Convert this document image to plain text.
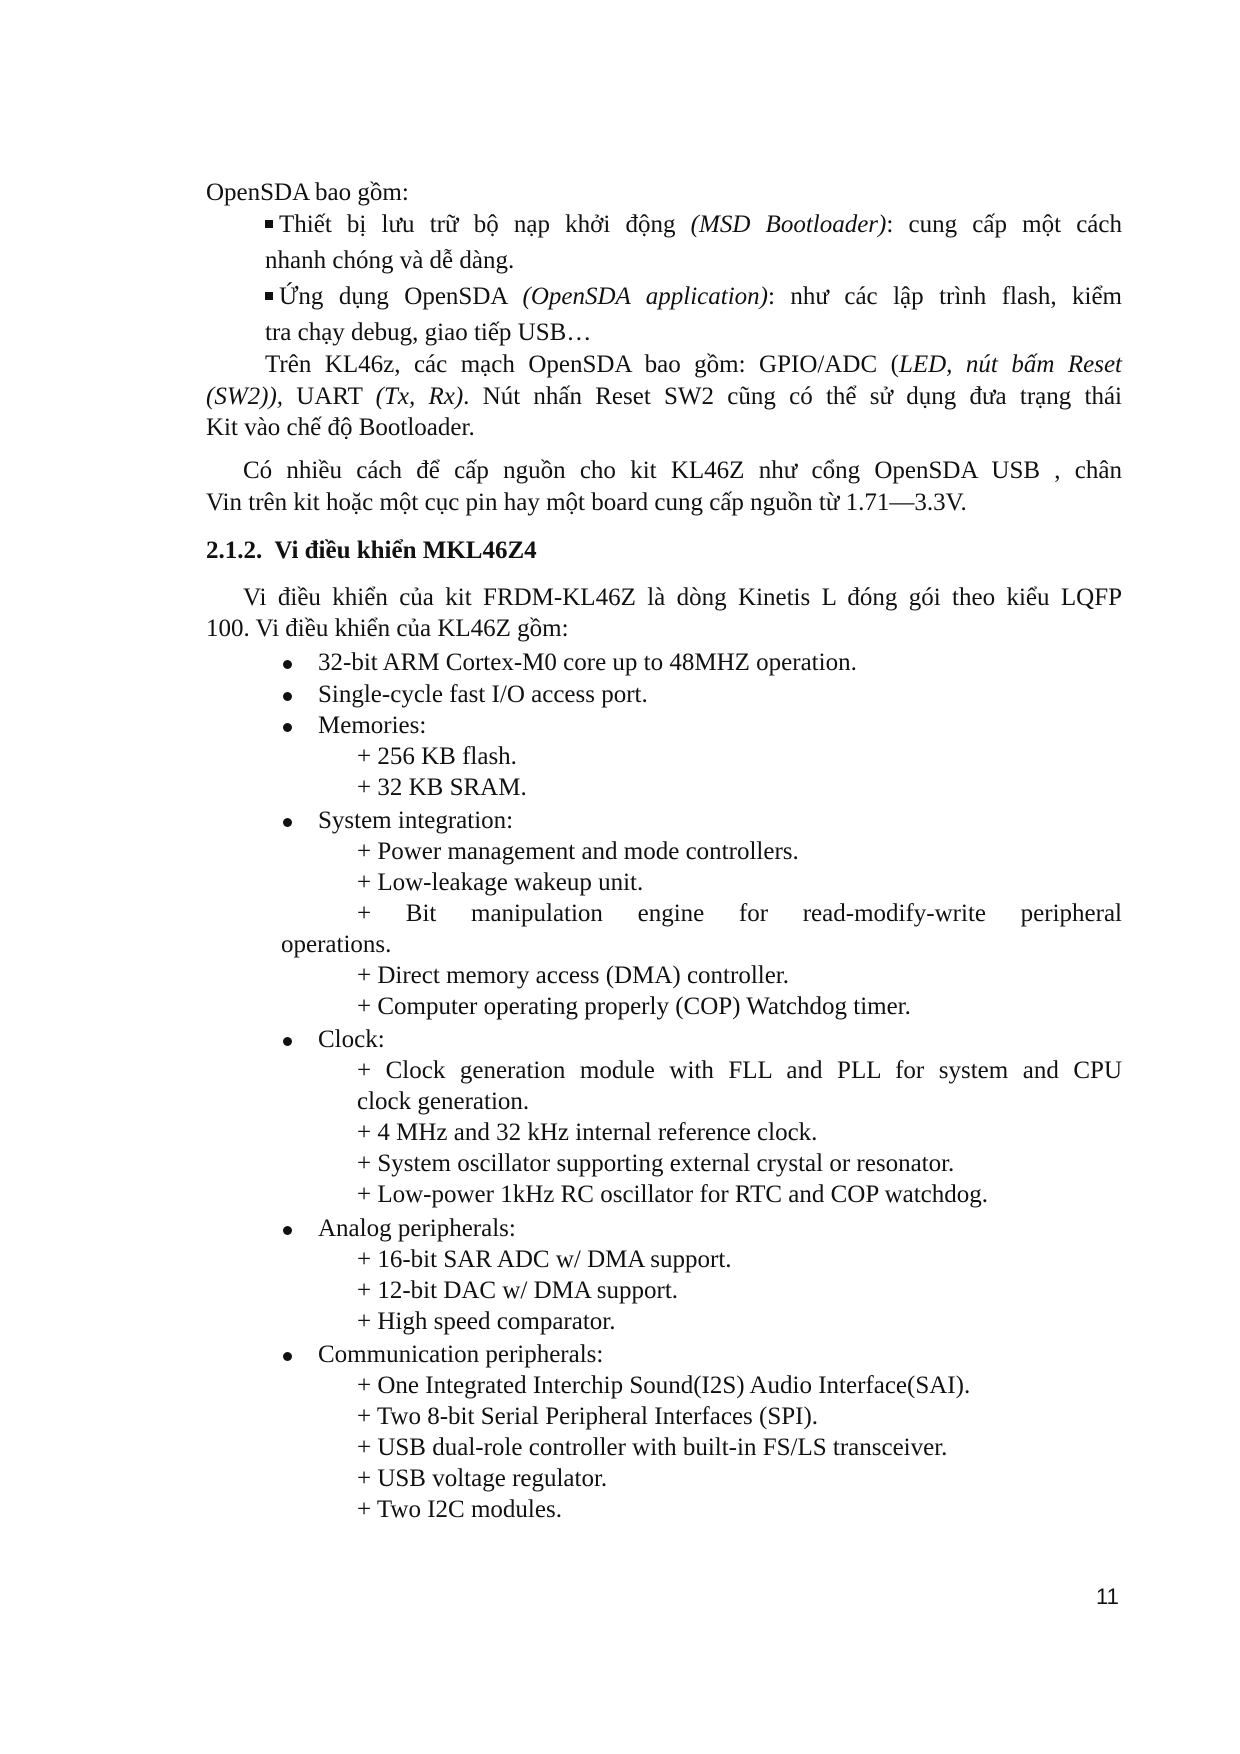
OpenSDA bao gồm:
Thiết bị lưu trữ bộ nạp khởi động (MSD Bootloader): cung cấp một cách
nhanh chóng và dễ dàng.
Ứng dụng OpenSDA (OpenSDA application): như các lập trình flash, kiểm
tra chạy debug, giao tiếp USB…
Trên KL46z, các mạch OpenSDA bao gồm: GPIO/ADC (LED, nút bấm Reset
(SW2)), UART (Tx, Rx). Nút nhấn Reset SW2 cũng có thể sử dụng đưa trạng thái
Kit vào chế độ Bootloader.
Có nhiều cách để cấp nguồn cho kit KL46Z như cổng OpenSDA USB , chân
Vin trên kit hoặc một cục pin hay một board cung cấp nguồn từ 1.71—3.3V.
2.1.2. Vi điều khiển MKL46Z4
Vi điều khiển của kit FRDM-KL46Z là dòng Kinetis L đóng gói theo kiểu LQFP
100. Vi điều khiển của KL46Z gồm:
32-bit ARM Cortex-M0 core up to 48MHZ operation.
Single-cycle fast I/O access port.
Memories:
+ 256 KB flash.
+ 32 KB SRAM.
System integration:
+ Power management and mode controllers.
+ Low-leakage wakeup unit.
+ Bit manipulation engine for read-modify-write peripheral
operations.
+ Direct memory access (DMA) controller.
+ Computer operating properly (COP) Watchdog timer.
Clock:
+ Clock generation module with FLL and PLL for system and CPU
clock generation.
+ 4 MHz and 32 kHz internal reference clock.
+ System oscillator supporting external crystal or resonator.
+ Low-power 1kHz RC oscillator for RTC and COP watchdog.
Analog peripherals:
+ 16-bit SAR ADC w/ DMA support.
+ 12-bit DAC w/ DMA support.
+ High speed comparator.
Communication peripherals:
+ One Integrated Interchip Sound(I2S) Audio Interface(SAI).
+ Two 8-bit Serial Peripheral Interfaces (SPI).
+ USB dual-role controller with built-in FS/LS transceiver.
+ USB voltage regulator.
+ Two I2C modules.
11
